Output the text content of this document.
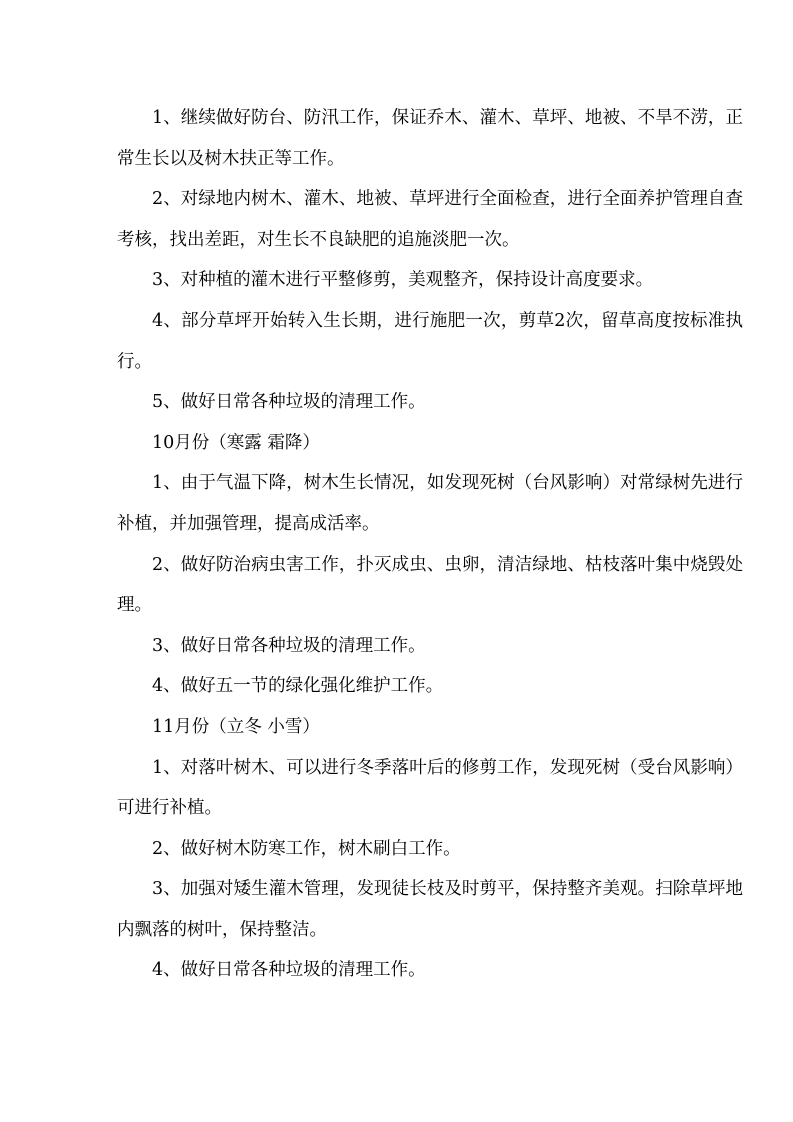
1、继续做好防台、防汛工作，保证乔木、灌木、草坪、地被、不旱不涝，正常生长以及树木扶正等工作。

2、对绿地内树木、灌木、地被、草坪进行全面检查，进行全面养护管理自查考核，找出差距，对生长不良缺肥的追施淡肥一次。

3、对种植的灌木进行平整修剪，美观整齐，保持设计高度要求。

4、部分草坪开始转入生长期，进行施肥一次，剪草2次，留草高度按标准执行。

5、做好日常各种垃圾的清理工作。

10月份（寒露 霜降）

1、由于气温下降，树木生长情况，如发现死树（台风影响）对常绿树先进行补植，并加强管理，提高成活率。

2、做好防治病虫害工作，扑灭成虫、虫卵，清洁绿地、枯枝落叶集中烧毁处理。

3、做好日常各种垃圾的清理工作。

4、做好五一节的绿化强化维护工作。

11月份（立冬 小雪）

1、对落叶树木、可以进行冬季落叶后的修剪工作，发现死树（受台风影响）可进行补植。

2、做好树木防寒工作，树木刷白工作。

3、加强对矮生灌木管理，发现徒长枝及时剪平，保持整齐美观。扫除草坪地内飘落的树叶，保持整洁。

4、做好日常各种垃圾的清理工作。
